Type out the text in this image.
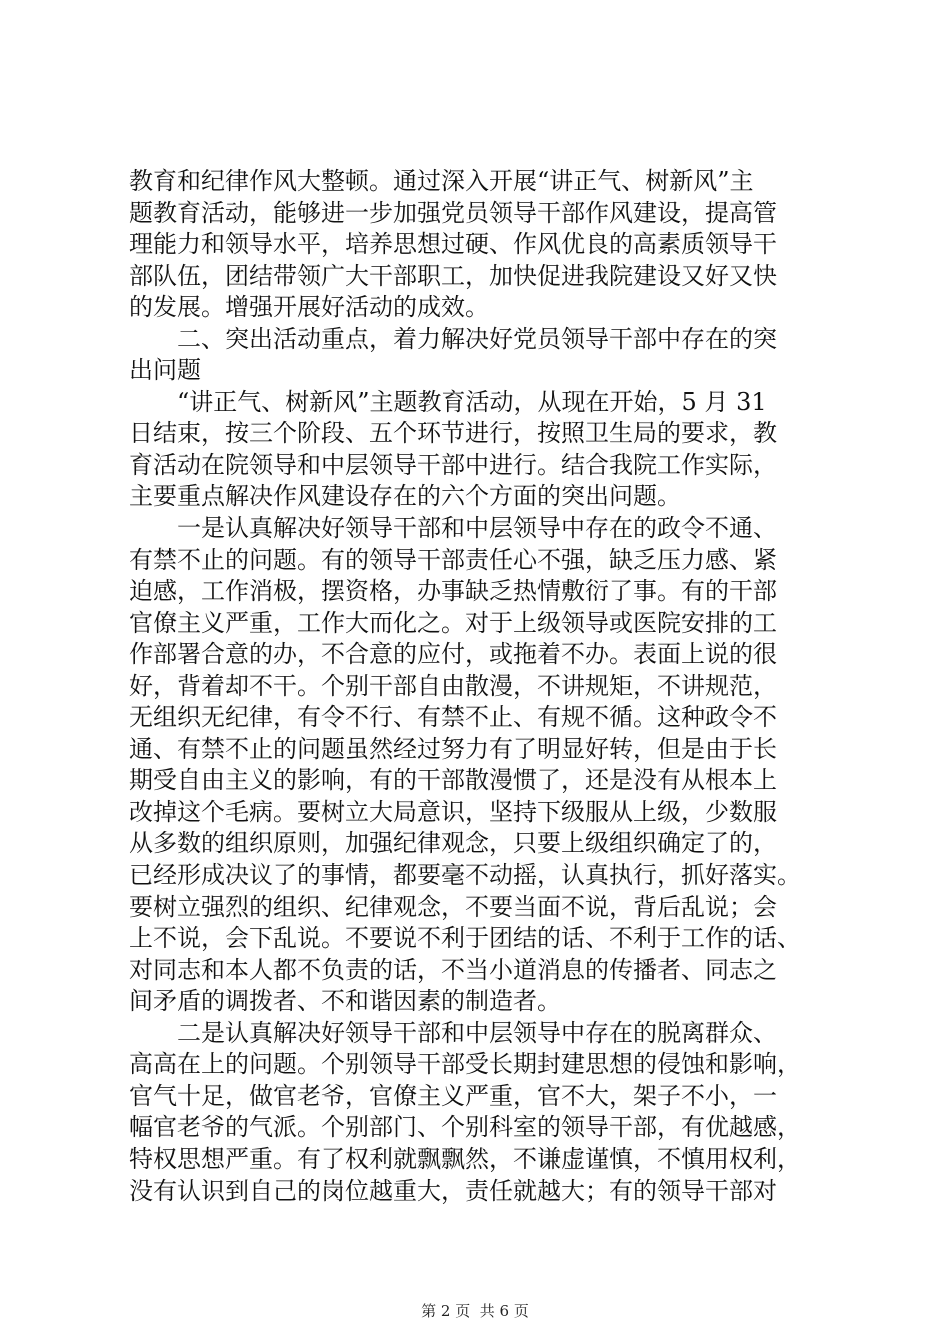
教育和纪律作风大整顿。通过深入开展“讲正气、树新风”主
题教育活动，能够进一步加强党员领导干部作风建设，提高管
理能力和领导水平，培养思想过硬、作风优良的高素质领导干
部队伍，团结带领广大干部职工，加快促进我院建设又好又快
的发展。增强开展好活动的成效。
二、突出活动重点，着力解决好党员领导干部中存在的突
出问题
“讲正气、树新风”主题教育活动，从现在开始，5 月 31
日结束，按三个阶段、五个环节进行，按照卫生局的要求，教
育活动在院领导和中层领导干部中进行。结合我院工作实际，
主要重点解决作风建设存在的六个方面的突出问题。
一是认真解决好领导干部和中层领导中存在的政令不通、
有禁不止的问题。有的领导干部责任心不强，缺乏压力感、紧
迫感，工作消极，摆资格，办事缺乏热情敷衍了事。有的干部
官僚主义严重，工作大而化之。对于上级领导或医院安排的工
作部署合意的办，不合意的应付，或拖着不办。表面上说的很
好，背着却不干。个别干部自由散漫，不讲规矩，不讲规范，
无组织无纪律，有令不行、有禁不止、有规不循。这种政令不
通、有禁不止的问题虽然经过努力有了明显好转，但是由于长
期受自由主义的影响，有的干部散漫惯了，还是没有从根本上
改掉这个毛病。要树立大局意识，坚持下级服从上级，少数服
从多数的组织原则，加强纪律观念，只要上级组织确定了的，
已经形成决议了的事情，都要毫不动摇，认真执行，抓好落实。
要树立强烈的组织、纪律观念，不要当面不说，背后乱说；会
上不说，会下乱说。不要说不利于团结的话、不利于工作的话、
对同志和本人都不负责的话，不当小道消息的传播者、同志之
间矛盾的调拨者、不和谐因素的制造者。
二是认真解决好领导干部和中层领导中存在的脱离群众、
高高在上的问题。个别领导干部受长期封建思想的侵蚀和影响，
官气十足，做官老爷，官僚主义严重，官不大，架子不小，一
幅官老爷的气派。个别部门、个别科室的领导干部，有优越感，
特权思想严重。有了权利就飘飘然，不谦虚谨慎，不慎用权利，
没有认识到自己的岗位越重大，责任就越大；有的领导干部对
第 2 页  共 6 页
